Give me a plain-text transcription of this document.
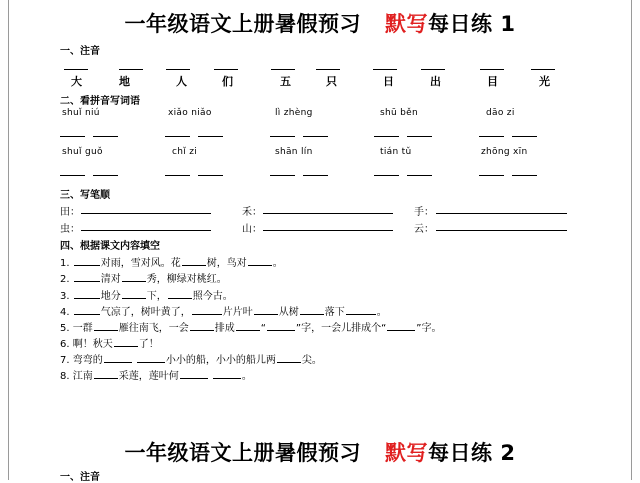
一年级语文上册暑假预习 默写每日练 1
一、注音
大	地	人	们	五	只	日	出	目	光
二、看拼音写词语
shuǐ niú	xiǎo niǎo	lì zhèng	shū běn	dāo zi
shuǐ guǒ	chǐ zi	shān lín	tián tǔ	zhōng xīn
三、写笔顺
田：	禾：	手：
虫：	山：	云：
四、根据课文内容填空
1.	对雨，雪对风。花	树，鸟对	。
2.	清对	秀，柳绿对桃红。
3.	地分	下，	照今古。
4.	气凉了，树叶黄了，	片片叶	从树	落下	。
5. 一群	雁往南飞，一会	排成	“	”字，一会儿排成个“	”字。
6. 啊！秋天	了！
7. 弯弯的	小小的船，小小的船儿两	尖。
8. 江南	采莲，莲叶何	。
一年级语文上册暑假预习 默写每日练 2
一、注音
